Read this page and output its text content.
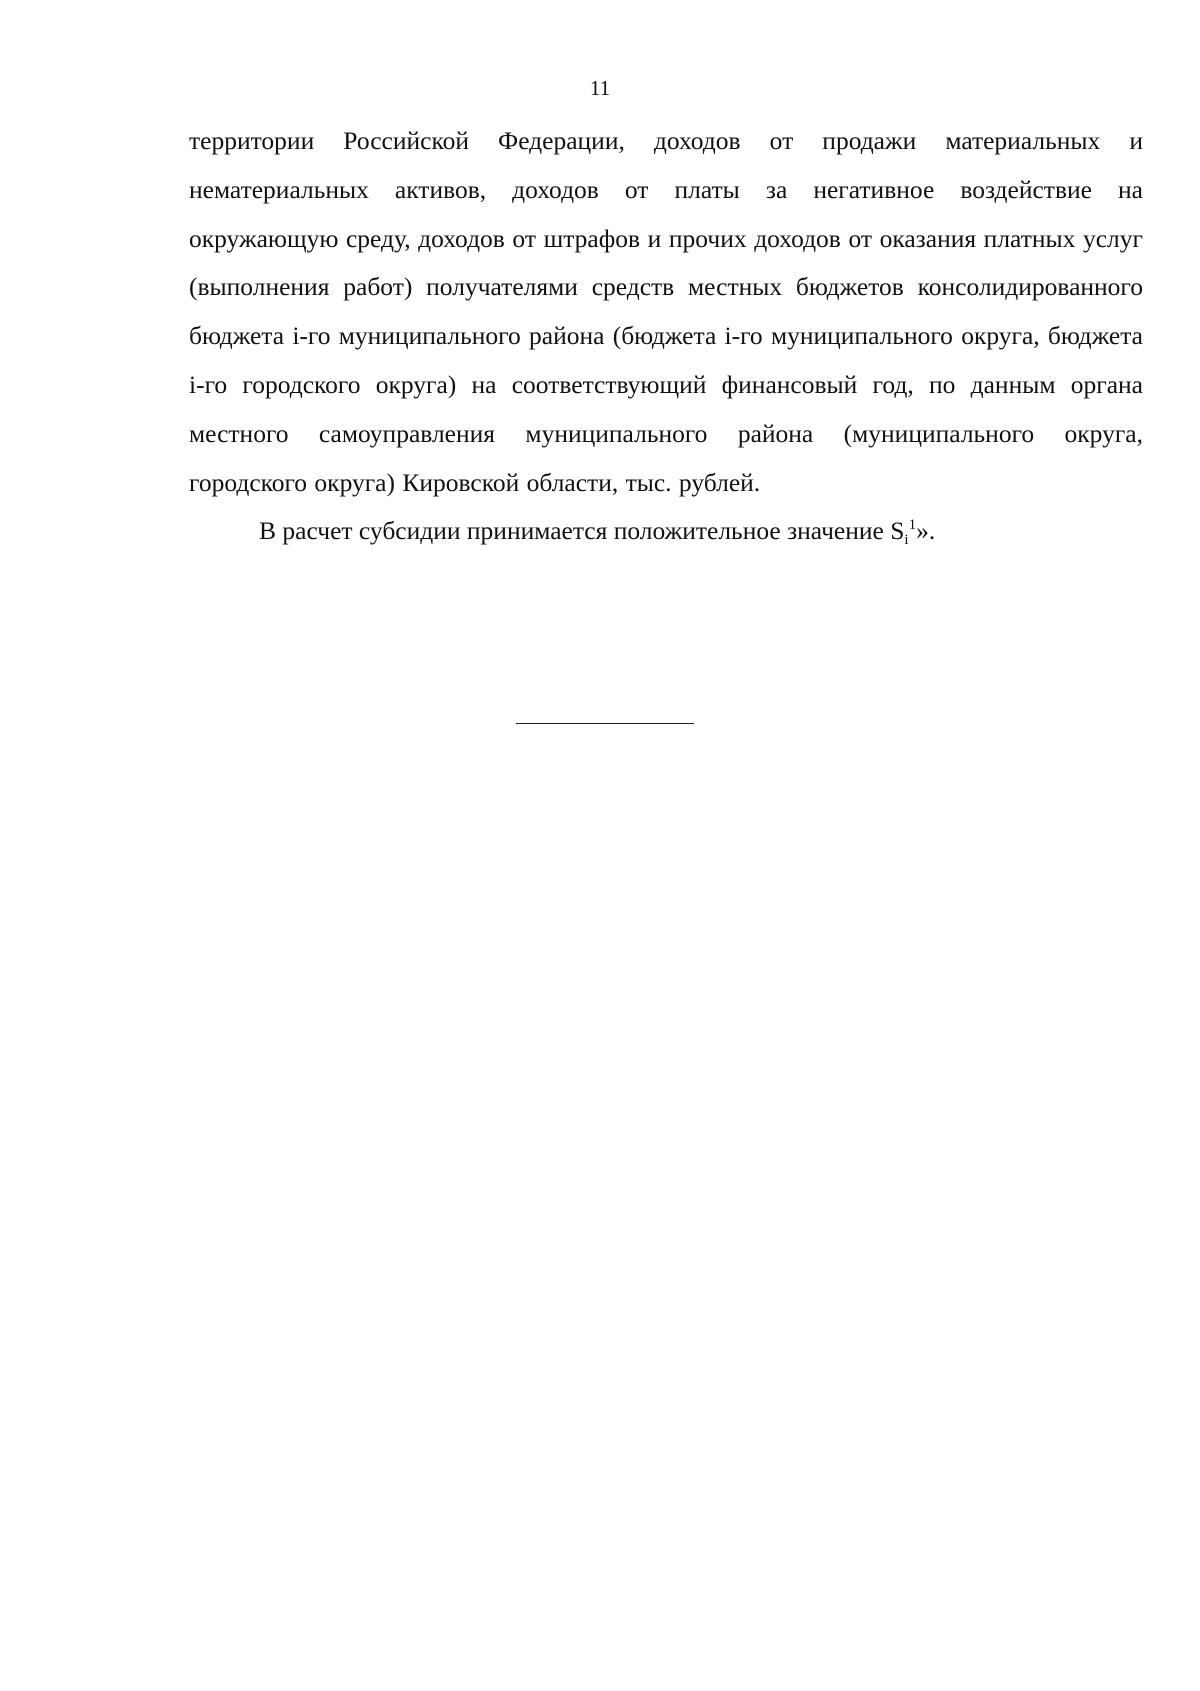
11

территории Российской Федерации, доходов от продажи материальных и нематериальных активов, доходов от платы за негативное воздействие на окружающую среду, доходов от штрафов и прочих доходов от оказания платных услуг (выполнения работ) получателями средств местных бюджетов консолидированного бюджета i-го муниципального района (бюджета i-го муниципального округа, бюджета i-го городского округа) на соответствующий финансовый год, по данным органа местного самоуправления муниципального района (муниципального округа, городского округа) Кировской области, тыс. рублей.

В расчет субсидии принимается положительное значение $S_i^1$».
